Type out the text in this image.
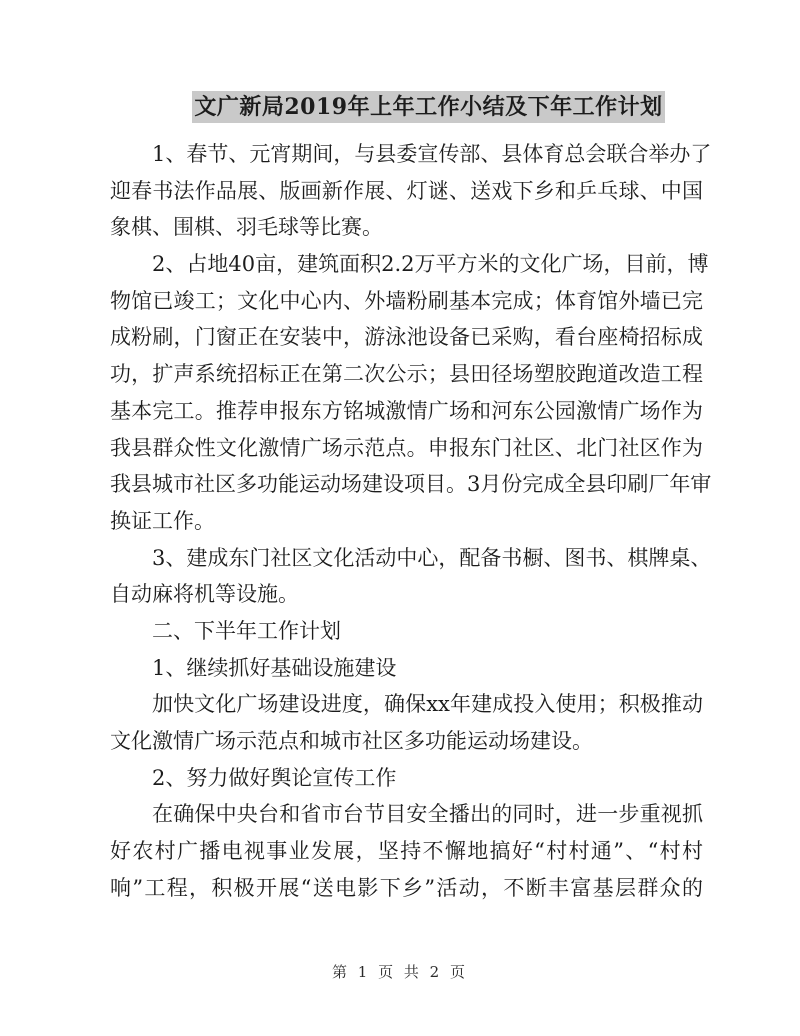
文广新局2019年上年工作小结及下年工作计划
1、春节、元宵期间，与县委宣传部、县体育总会联合举办了
迎春书法作品展、版画新作展、灯谜、送戏下乡和乒乓球、中国
象棋、围棋、羽毛球等比赛。
2、占地40亩，建筑面积2.2万平方米的文化广场，目前，博
物馆已竣工；文化中心内、外墙粉刷基本完成；体育馆外墙已完
成粉刷，门窗正在安装中，游泳池设备已采购，看台座椅招标成
功，扩声系统招标正在第二次公示；县田径场塑胶跑道改造工程
基本完工。推荐申报东方铭城激情广场和河东公园激情广场作为
我县群众性文化激情广场示范点。申报东门社区、北门社区作为
我县城市社区多功能运动场建设项目。3月份完成全县印刷厂年审
换证工作。
3、建成东门社区文化活动中心，配备书橱、图书、棋牌桌、
自动麻将机等设施。
二、下半年工作计划
1、继续抓好基础设施建设
加快文化广场建设进度，确保xx年建成投入使用；积极推动
文化激情广场示范点和城市社区多功能运动场建设。
2、努力做好舆论宣传工作
在确保中央台和省市台节目安全播出的同时，进一步重视抓
好农村广播电视事业发展，坚持不懈地搞好“村村通”、“村村
响”工程，积极开展“送电影下乡”活动，不断丰富基层群众的
第 1 页 共 2 页
